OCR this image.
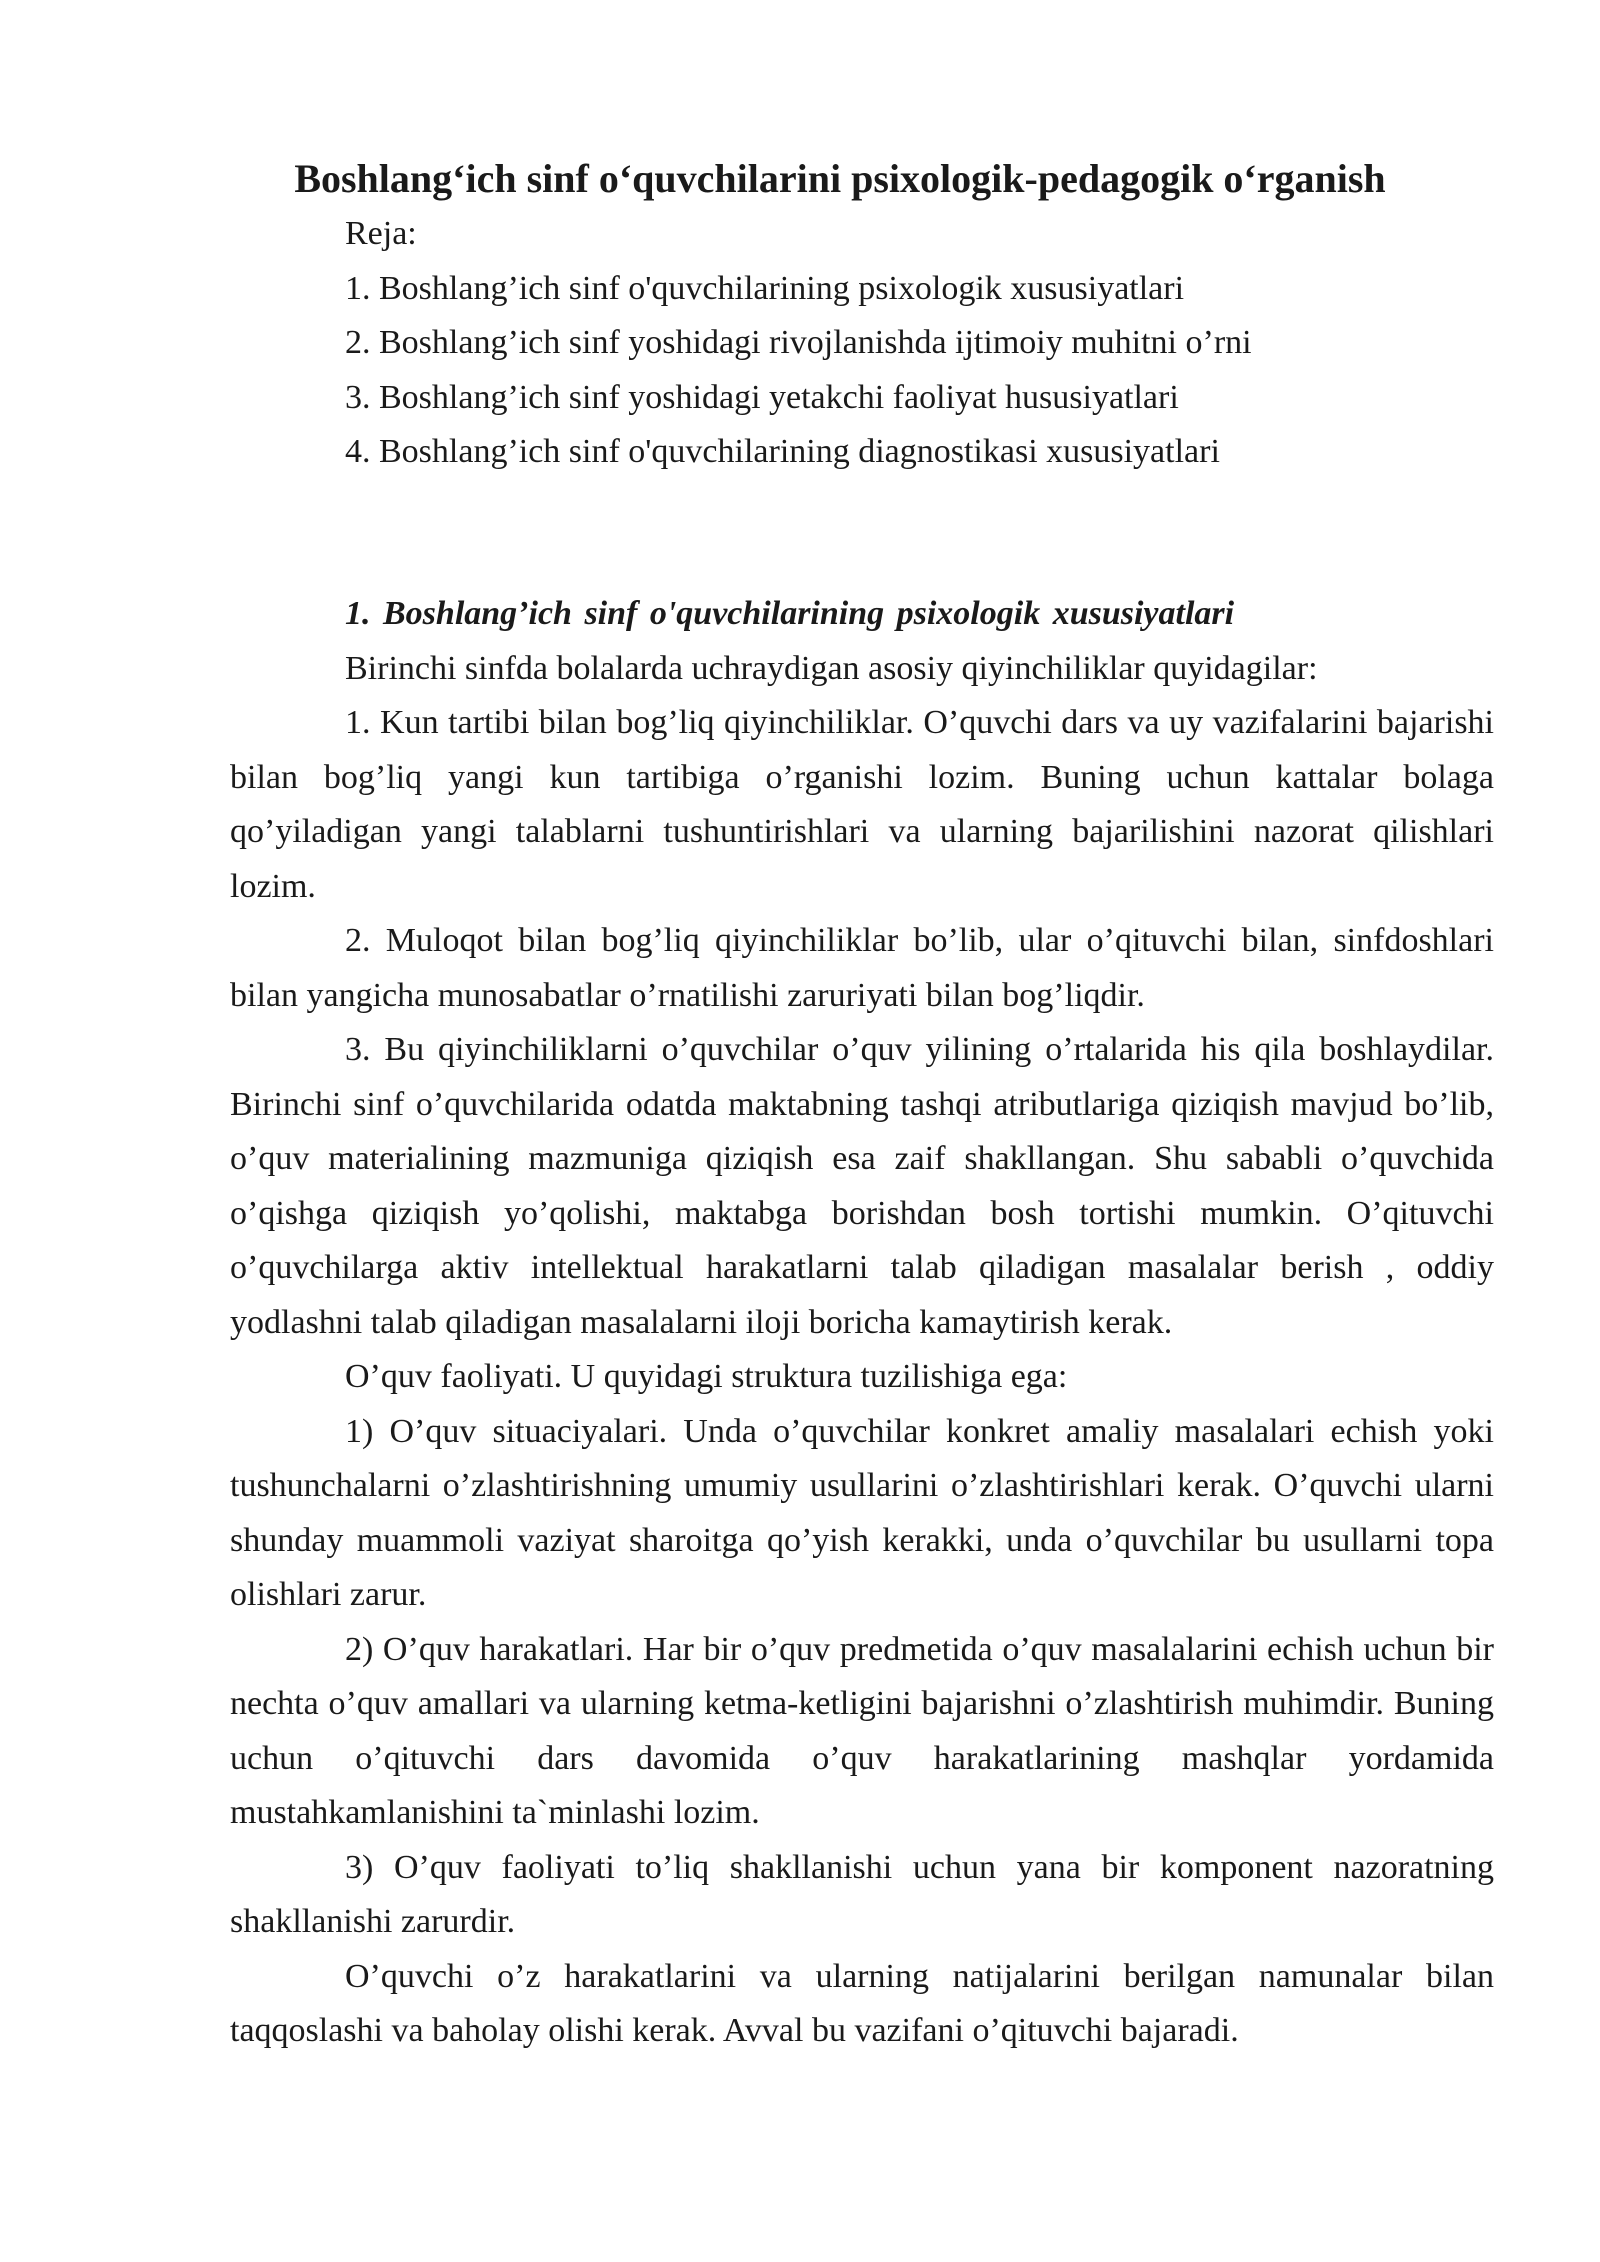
Boshlang‘ich sinf o‘quvchilarini psixologik-pedagogik o‘rganish
Reja:
1. Boshlang’ich sinf o'quvchilarining psixologik xususiyatlari
2. Boshlang’ich sinf yoshidagi rivojlanishda ijtimoiy muhitni o’rni
3. Boshlang’ich sinf yoshidagi yetakchi faoliyat hususiyatlari
4. Boshlang’ich sinf o'quvchilarining diagnostikasi xususiyatlari
1. Boshlang’ich sinf o'quvchilarining psixologik xususiyatlari

Birinchi sinfda bolalarda uchraydigan asosiy qiyinchiliklar quyidagilar:

1. Kun tartibi bilan bog’liq qiyinchiliklar. O’quvchi dars va uy vazifalarini bajarishi bilan bog’liq yangi kun tartibiga o’rganishi lozim. Buning uchun kattalar bolaga qo’yiladigan yangi talablarni tushuntirishlari va ularning bajarilishini nazorat qilishlari lozim.

2. Muloqot bilan bog’liq qiyinchiliklar bo’lib, ular o’qituvchi bilan, sinfdoshlari bilan yangicha munosabatlar o’rnatilishi zaruriyati bilan bog’liqdir.

3. Bu qiyinchiliklarni o’quvchilar o’quv yilining o’rtalarida his qila boshlaydilar. Birinchi sinf o’quvchilarida odatda maktabning tashqi atributlariga qiziqish mavjud bo’lib, o’quv materialining mazmuniga qiziqish esa zaif shakllangan. Shu sababli o’quvchida o’qishga qiziqish yo’qolishi, maktabga borishdan bosh tortishi mumkin. O’qituvchi o’quvchilarga aktiv intellektual harakatlarni talab qiladigan masalalar berish , oddiy yodlashni talab qiladigan masalalarni iloji boricha kamaytirish kerak.

O’quv faoliyati. U quyidagi struktura tuzilishiga ega:

1) O’quv situaciyalari. Unda o’quvchilar konkret amaliy masalalari echish yoki tushunchalarni o’zlashtirishning umumiy usullarini o’zlashtirishlari kerak. O’quvchi ularni shunday muammoli vaziyat sharoitga qo’yish kerakki, unda o’quvchilar bu usullarni topa olishlari zarur.

2) O’quv harakatlari. Har bir o’quv predmetida o’quv masalalarini echish uchun bir nechta o’quv amallari va ularning ketma-ketligini bajarishni o’zlashtirish muhimdir. Buning uchun o’qituvchi dars davomida o’quv harakatlarining mashqlar yordamida mustahkamlanishini ta`minlashi lozim.

3) O’quv faoliyati to’liq shakllanishi uchun yana bir komponent nazoratning shakllanishi zarurdir.

O’quvchi o’z harakatlarini va ularning natijalarini berilgan namunalar bilan taqqoslashi va baholay olishi kerak. Avval bu vazifani o’qituvchi bajaradi.
